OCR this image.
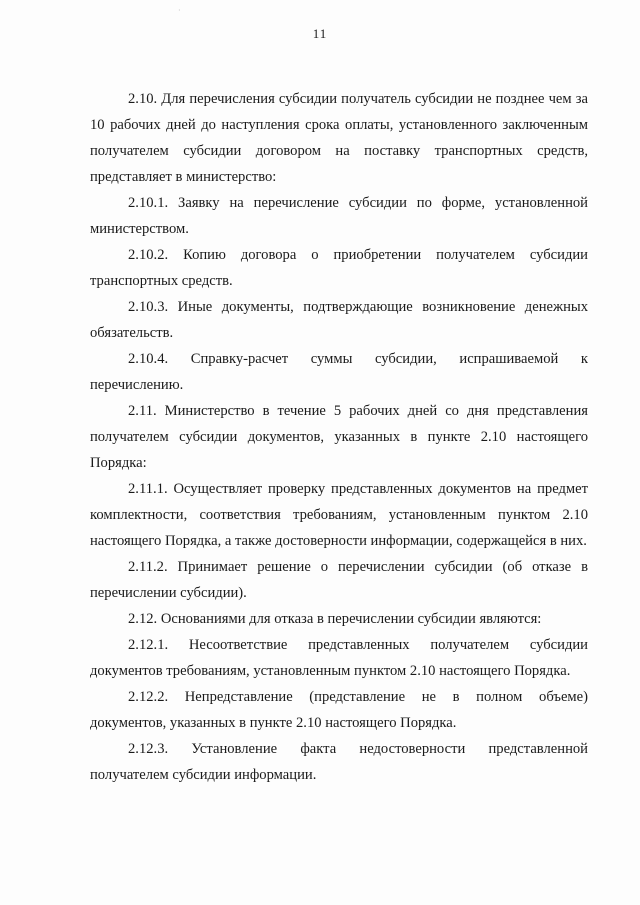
·
11

2.10. Для перечисления субсидии получатель субсидии не позднее чем за 10 рабочих дней до наступления срока оплаты, установленного заключенным получателем субсидии договором на поставку транспортных средств, представляет в министерство:

2.10.1. Заявку на перечисление субсидии по форме, установленной министерством.

2.10.2. Копию договора о приобретении получателем субсидии транспортных средств.

2.10.3. Иные документы, подтверждающие возникновение денежных обязательств.

2.10.4. Справку-расчет суммы субсидии, испрашиваемой к перечислению.

2.11. Министерство в течение 5 рабочих дней со дня представления получателем субсидии документов, указанных в пункте 2.10 настоящего Порядка:

2.11.1. Осуществляет проверку представленных документов на предмет комплектности, соответствия требованиям, установленным пунктом 2.10 настоящего Порядка, а также достоверности информации, содержащейся в них.

2.11.2. Принимает решение о перечислении субсидии (об отказе в перечислении субсидии).

2.12. Основаниями для отказа в перечислении субсидии являются:

2.12.1. Несоответствие представленных получателем субсидии документов требованиям, установленным пунктом 2.10 настоящего Порядка.

2.12.2. Непредставление (представление не в полном объеме) документов, указанных в пункте 2.10 настоящего Порядка.

2.12.3. Установление факта недостоверности представленной получателем субсидии информации.
